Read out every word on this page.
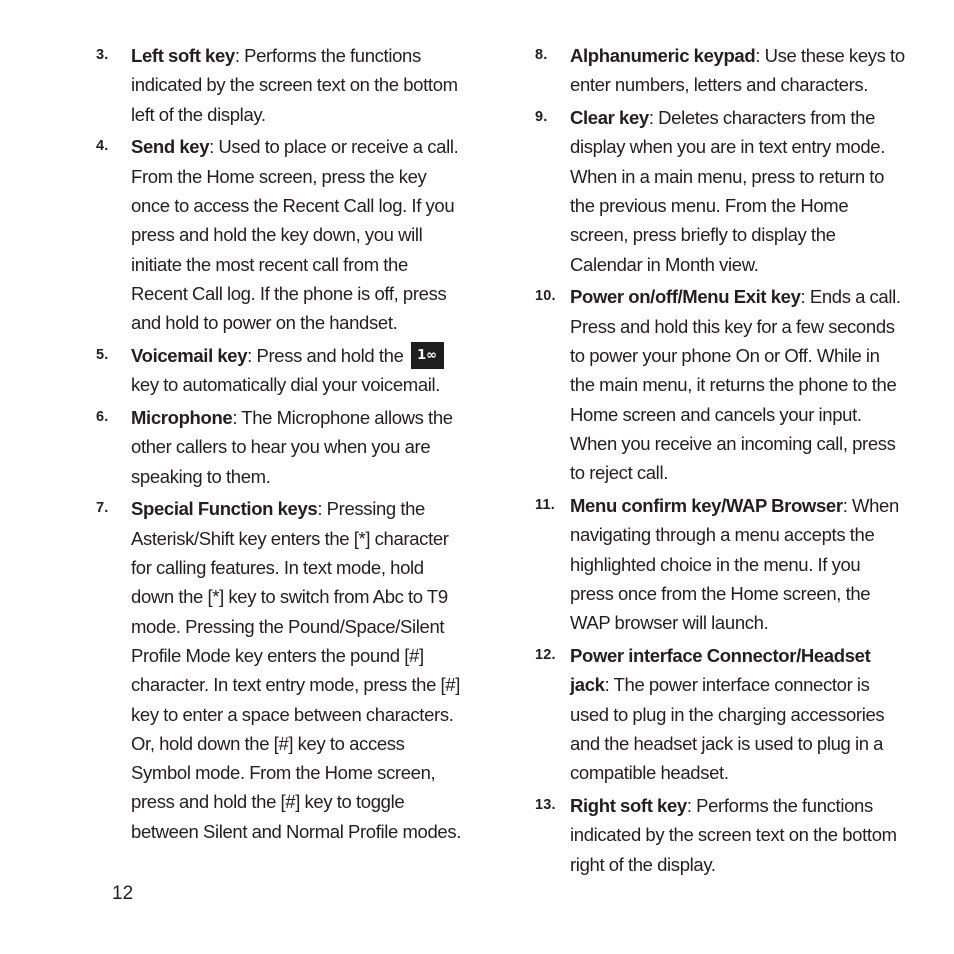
3.	Left soft key: Performs the functions indicated by the screen text on the bottom left of the display.
4.	Send key: Used to place or receive a call. From the Home screen, press the key once to access the Recent Call log. If you press and hold the key down, you will initiate the most recent call from the Recent Call log. If the phone is off, press and hold to power on the handset.
5.	Voicemail key: Press and hold the 1∞key to automatically dial your voicemail.
6.	Microphone: The Microphone allows the other callers to hear you when you are speaking to them.
7.	Special Function keys: Pressing the Asterisk/Shift key enters the [*] character for calling features. In text mode, hold down the [*] key to switch from Abc to T9 mode. Pressing the Pound/Space/Silent Profile Mode key enters the pound [#] character. In text entry mode, press the [#] key to enter a space between characters. Or, hold down the [#] key to access Symbol mode. From the Home screen, press and hold the [#] key to toggle between Silent and Normal Profile modes.
8.	Alphanumeric keypad: Use these keys to enter numbers, letters and characters.
9.	Clear key: Deletes characters from the display when you are in text entry mode. When in a main menu, press to return to the previous menu. From the Home screen, press briefly to display the Calendar in Month view.
10. Power on/off/Menu Exit key: Ends a call. Press and hold this key for a few seconds to power your phone On or Off. While in the main menu, it returns the phone to the Home screen and cancels your input. When you receive an incoming call, press to reject call.
11. Menu confirm key/WAP Browser: When navigating through a menu accepts the highlighted choice in the menu. If you press once from the Home screen, the WAP browser will launch.
12. Power interface Connector/Headset jack: The power interface connector is used to plug in the charging accessories and the headset jack is used to plug in a compatible headset.
13. Right soft key: Performs the functions indicated by the screen text on the bottom right of the display.
12
